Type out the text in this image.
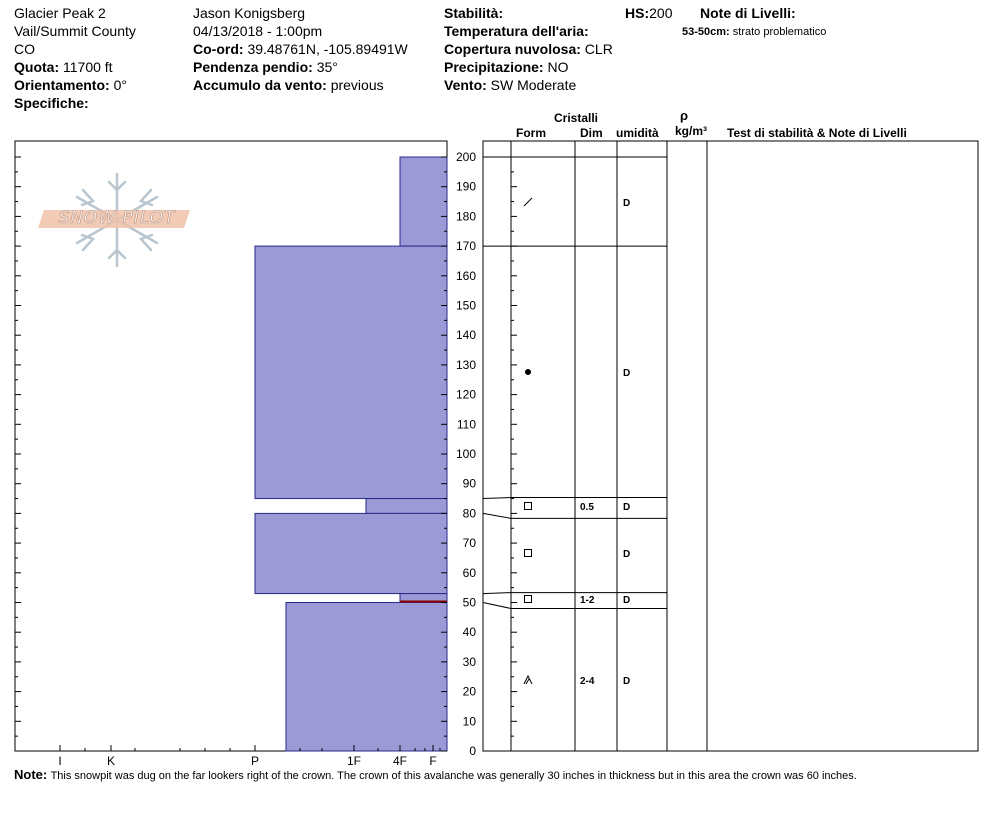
Glacier Peak 2
Vail/Summit County
CO
Quota: 11700 ft
Orientamento: 0°
Specifiche:
Jason Konigsberg
04/13/2018 - 1:00pm
Co-ord: 39.48761N, -105.89491W
Pendenza pendio: 35°
Accumulo da vento: previous
Stabilità:
Temperatura dell'aria:
Copertura nuvolosa: CLR
Precipitazione: NO
Vento: SW Moderate
HS:200 Note di Livelli:
53-50cm: strato problematico
Cristalli
Form	Dim umidità
ρ
kg/m³ Test di stabilità & Note di Livelli
I	K	P	1F	4F F
0
10
20
30
40
50
60
70
80
90
100
110
120
130
140
150
160
170
180
190
200
D
D
0.5	D
D
1-2	D
2-4	D
SNOW PILOT
Note: This snowpit was dug on the far lookers right of the crown. The crown of this avalanche was generally 30 inches in thickness but in this area the crown was 60 inches.
